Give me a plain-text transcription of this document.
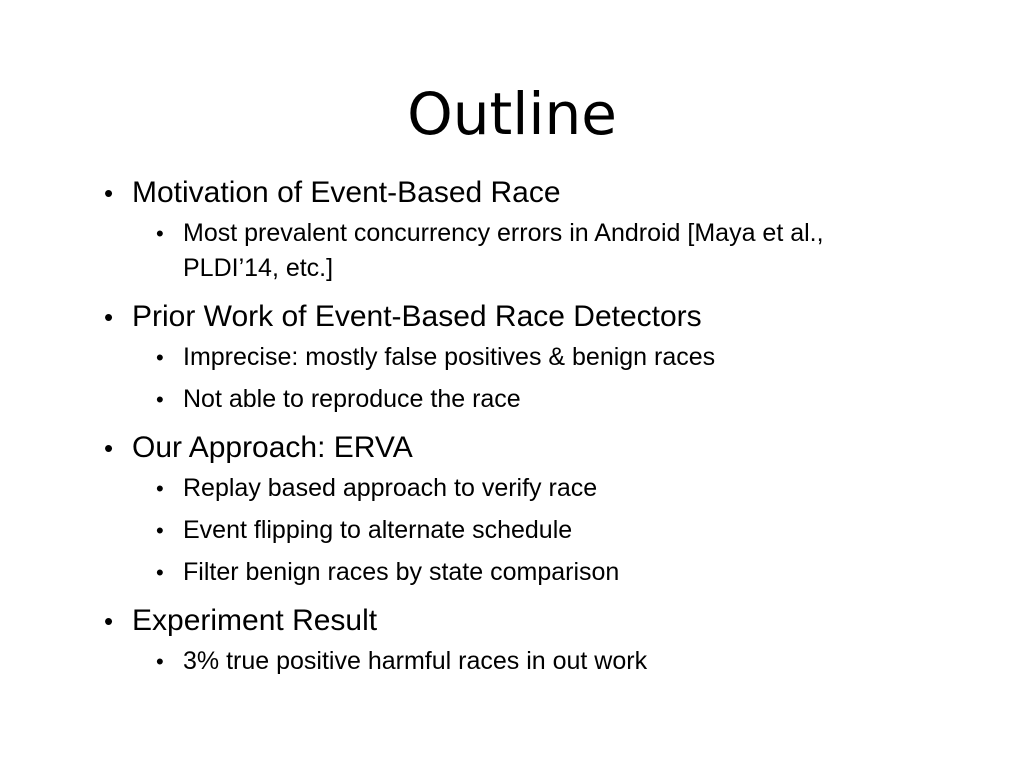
Outline
• Motivation of Event-Based Race
• Most prevalent concurrency errors in Android [Maya et al., PLDI’14, etc.]
• Prior Work of Event-Based Race Detectors
• Imprecise: mostly false positives & benign races
• Not able to reproduce the race
• Our Approach: ERVA
• Replay based approach to verify race
• Event flipping to alternate schedule
• Filter benign races by state comparison
• Experiment Result
• 3% true positive harmful races in out work
